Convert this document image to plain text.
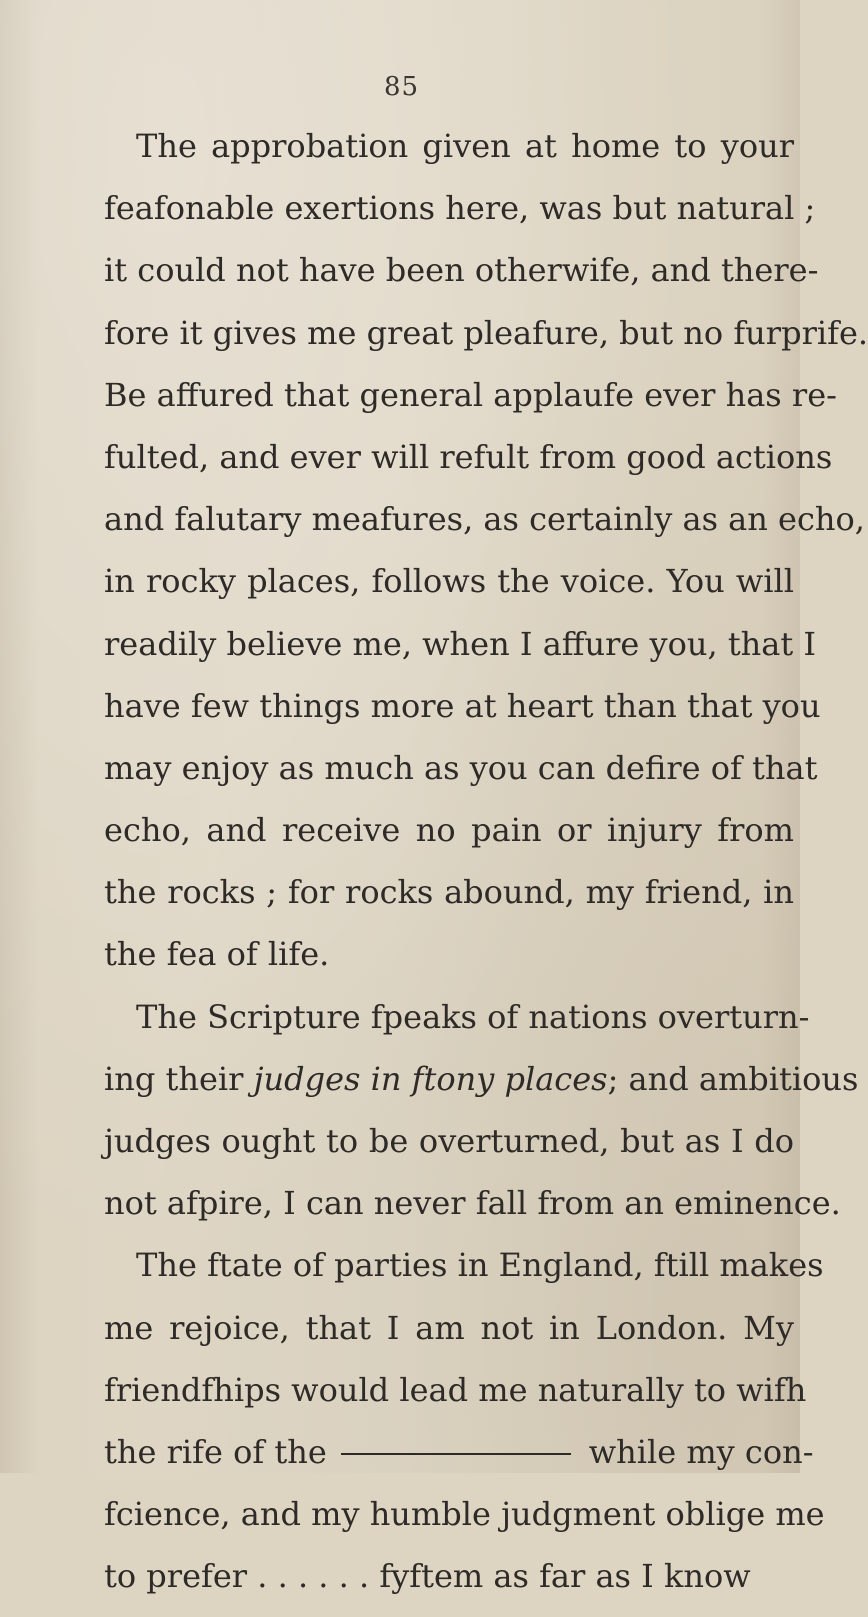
85
The approbation given at home to your
feafonable exertions here, was but natural ;
it could not have been otherwife, and there-
fore it gives me great pleafure, but no furprife.
Be affured that general applaufe ever has re-
fulted, and ever will refult from good actions
and falutary meafures, as certainly as an echo,
in rocky places, follows the voice. You will
readily believe me, when I affure you, that I
have few things more at heart than that you
may enjoy as much as you can defire of that
echo, and receive no pain or injury from
the rocks ; for rocks abound, my friend, in
the fea of life.
The Scripture fpeaks of nations overturn-
ing their judges in ftony places; and ambitious
judges ought to be overturned, but as I do
not afpire, I can never fall from an eminence.
The ftate of parties in England, ftill makes
me rejoice, that I am not in London. My
friendfhips would lead me naturally to wifh
the rife of the	while my con-
fcience, and my humble judgment oblige me
to prefer . . . . . . fyftem as far as I know
